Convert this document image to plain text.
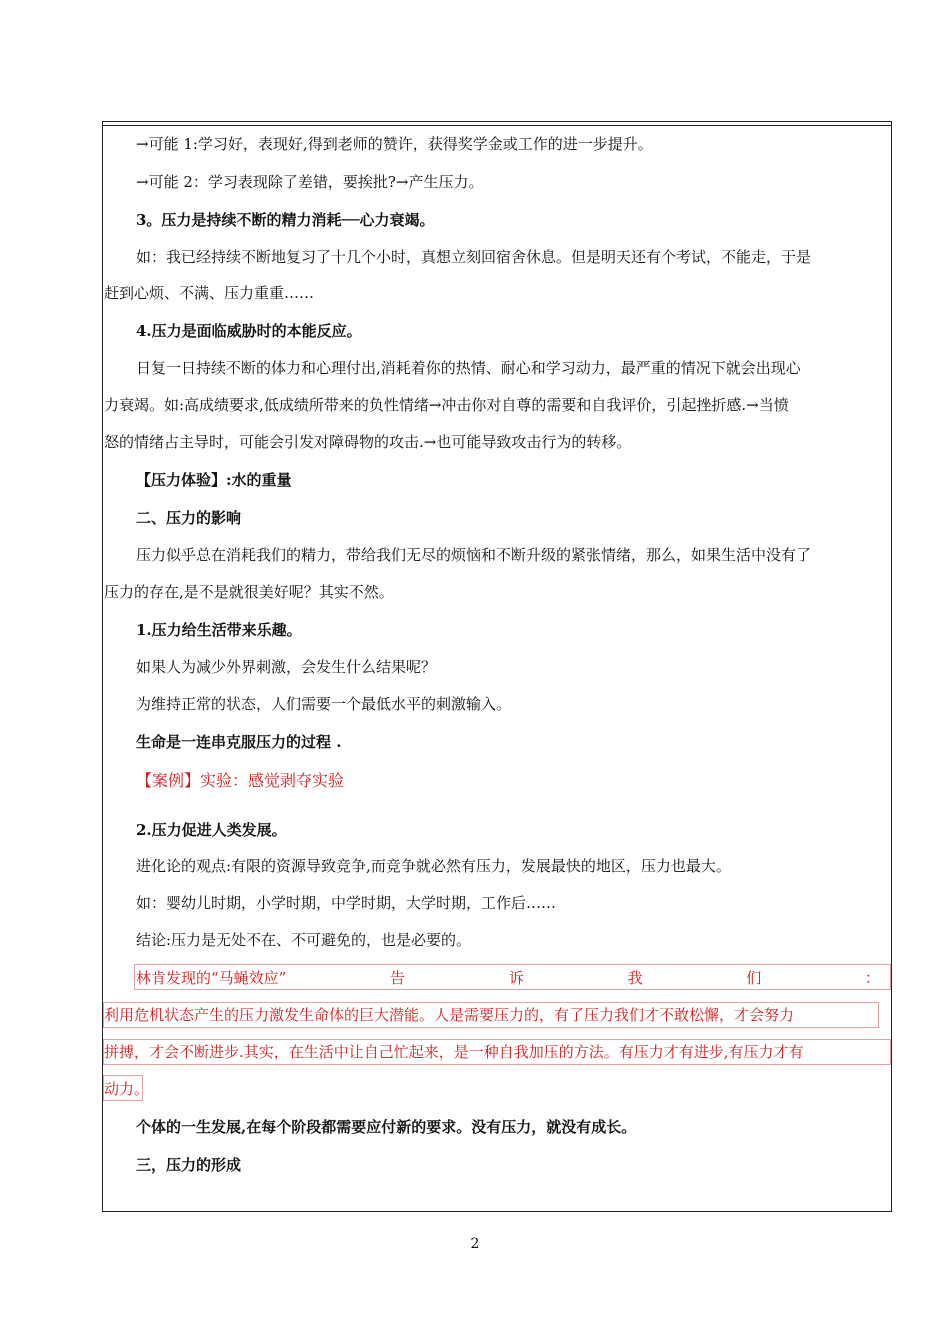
→可能 1:学习好，表现好,得到老师的赞许，获得奖学金或工作的进一步提升。
→可能 2：学习表现除了差错，要挨批?→产生压力。
3。压力是持续不断的精力消耗──心力衰竭。
如：我已经持续不断地复习了十几个小时，真想立刻回宿舍休息。但是明天还有个考试，不能走，于是
赶到心烦、不满、压力重重……
4.压力是面临威胁时的本能反应。
日复一日持续不断的体力和心理付出,消耗着你的热情、耐心和学习动力，最严重的情况下就会出现心
力衰竭。如:高成绩要求,低成绩所带来的负性情绪→冲击你对自尊的需要和自我评价，引起挫折感.→当愤
怒的情绪占主导时，可能会引发对障碍物的攻击.→也可能导致攻击行为的转移。
【压力体验】:水的重量
二、压力的影响
压力似乎总在消耗我们的精力，带给我们无尽的烦恼和不断升级的紧张情绪，那么，如果生活中没有了
压力的存在,是不是就很美好呢？其实不然。
1.压力给生活带来乐趣。
如果人为减少外界刺激，会发生什么结果呢？
为维持正常的状态，人们需要一个最低水平的刺激输入。
生命是一连串克服压力的过程 .
【案例】实验：感觉剥夺实验
2.压力促进人类发展。
进化论的观点:有限的资源导致竞争,而竞争就必然有压力，发展最快的地区，压力也最大。
如：婴幼儿时期，小学时期，中学时期，大学时期，工作后……
结论:压力是无处不在、不可避免的，也是必要的。
林肯发现的“马蝇效应”	告	诉	我	们	：
利用危机状态产生的压力激发生命体的巨大潜能。人是需要压力的，有了压力我们才不敢松懈，才会努力
拼搏，才会不断进步.其实，在生活中让自己忙起来，是一种自我加压的方法。有压力才有进步,有压力才有
动力。
个体的一生发展,在每个阶段都需要应付新的要求。没有压力，就没有成长。
三，压力的形成
2
